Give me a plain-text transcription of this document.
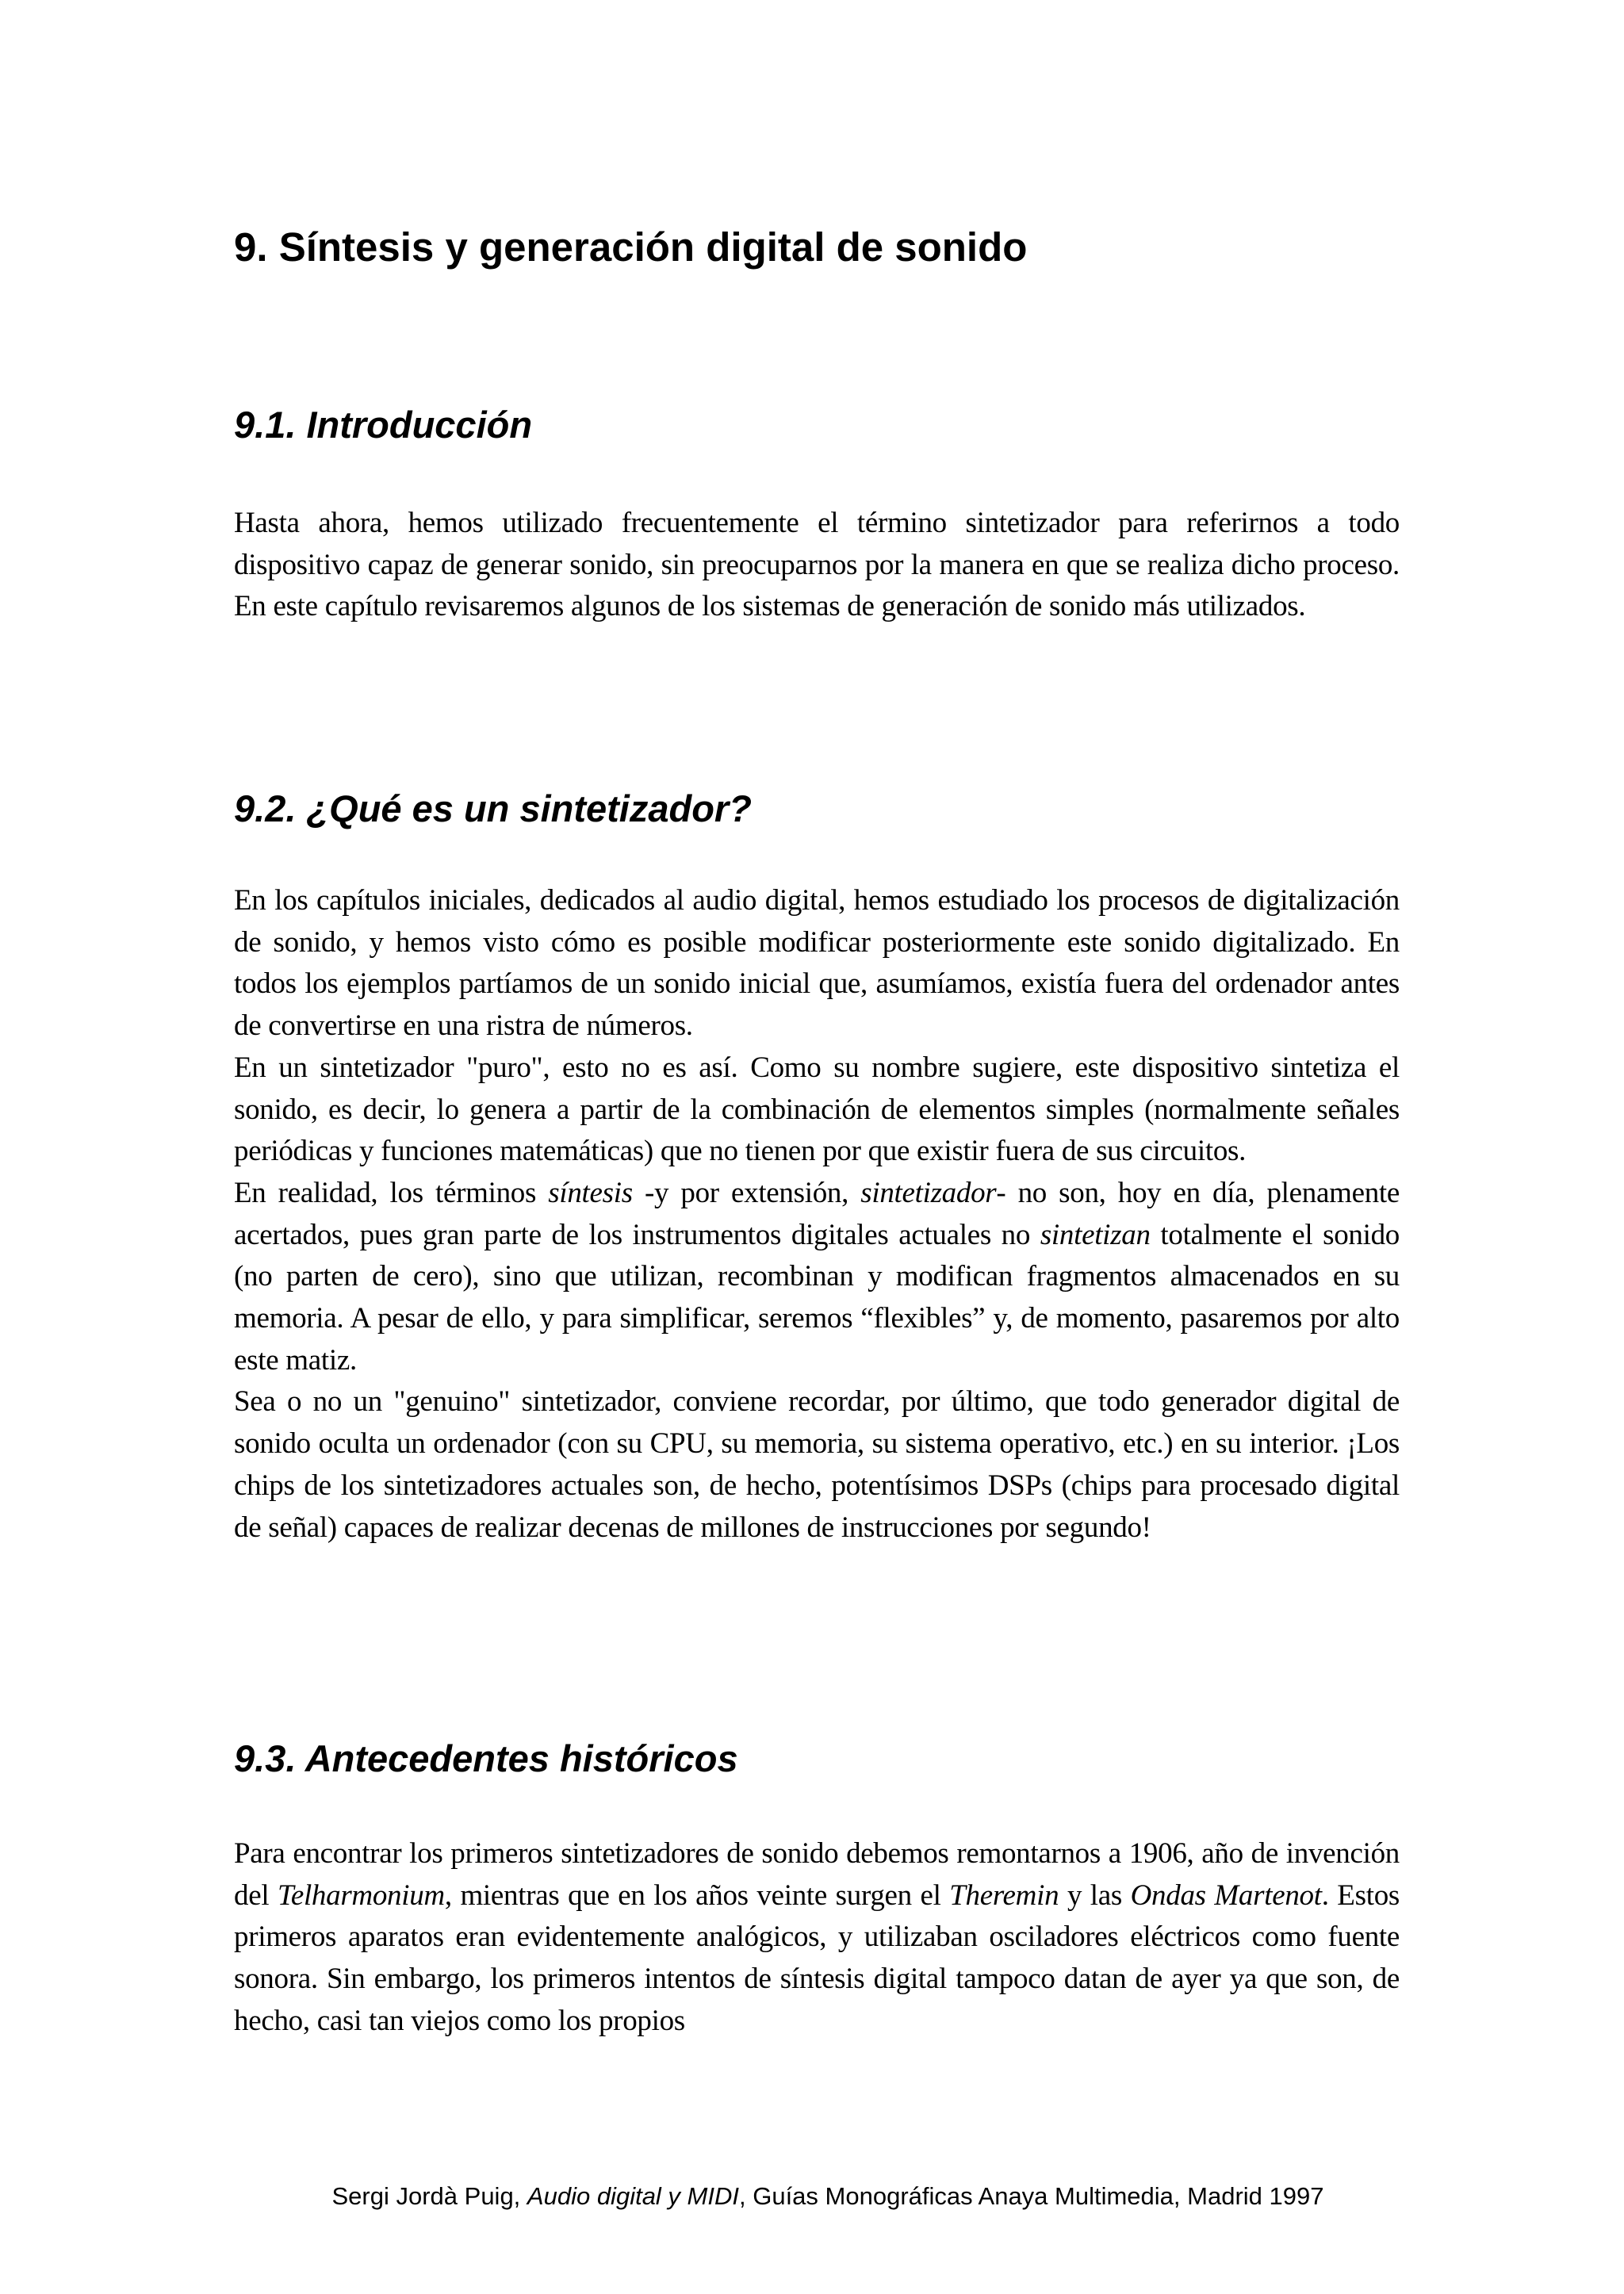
9. Síntesis y generación digital de sonido
9.1. Introducción

Hasta ahora, hemos utilizado frecuentemente el término sintetizador para referirnos a todo dispositivo capaz de generar sonido, sin preocuparnos por la manera en que se realiza dicho proceso. En este capítulo revisaremos algunos de los sistemas de generación de sonido más utilizados.

9.2. ¿Qué es un sintetizador?

En los capítulos iniciales, dedicados al audio digital, hemos estudiado los procesos de digitalización de sonido, y hemos visto cómo es posible modificar posteriormente este sonido digitalizado. En todos los ejemplos partíamos de un sonido inicial que, asumíamos, existía fuera del ordenador antes de convertirse en una ristra de números.

En un sintetizador "puro", esto no es así. Como su nombre sugiere, este dispositivo sintetiza el sonido, es decir, lo genera a partir de la combinación de elementos simples (normalmente señales periódicas y funciones matemáticas) que no tienen por que existir fuera de sus circuitos.

En realidad, los términos síntesis -y por extensión, sintetizador- no son, hoy en día, plenamente acertados, pues gran parte de los instrumentos digitales actuales no sintetizan totalmente el sonido (no parten de cero), sino que utilizan, recombinan y modifican fragmentos almacenados en su memoria. A pesar de ello, y para simplificar, seremos “flexibles” y, de momento, pasaremos por alto este matiz.

Sea o no un "genuino" sintetizador, conviene recordar, por último, que todo generador digital de sonido oculta un ordenador (con su CPU, su memoria, su sistema operativo, etc.) en su interior. ¡Los chips de los sintetizadores actuales son, de hecho, potentísimos DSPs (chips para procesado digital de señal) capaces de realizar decenas de millones de instrucciones por segundo!

9.3. Antecedentes históricos

Para encontrar los primeros sintetizadores de sonido debemos remontarnos a 1906, año de invención del Telharmonium, mientras que en los años veinte surgen el Theremin y las Ondas Martenot. Estos primeros aparatos eran evidentemente analógicos, y utilizaban osciladores eléctricos como fuente sonora. Sin embargo, los primeros intentos de síntesis digital tampoco datan de ayer ya que son, de hecho, casi tan viejos como los propios

Sergi Jordà Puig, Audio digital y MIDI, Guías Monográficas Anaya Multimedia, Madrid 1997
